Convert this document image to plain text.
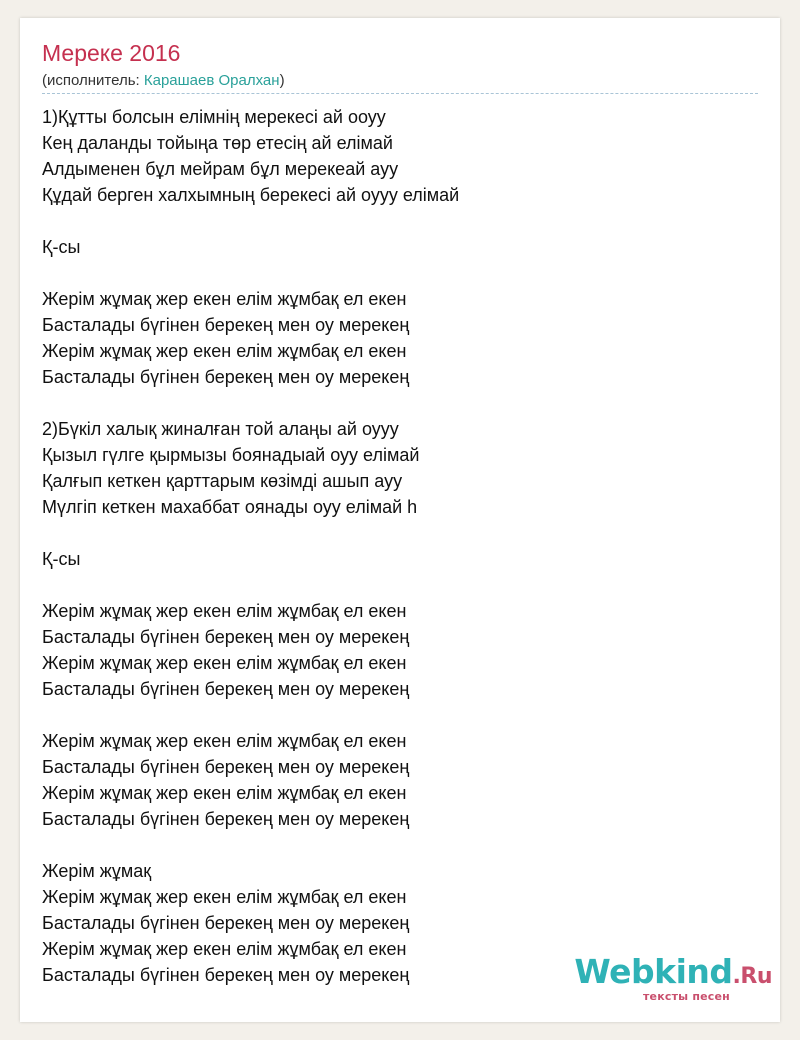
Мереке 2016
(исполнитель: Карашаев Оралхан)
1)Құтты болсын елімнің мерекесі ай ооуу
Кең даланды тойыңа төр етесің ай елімай
Алдыменен бұл мейрам бұл мерекеай ауу
Құдай берген халхымның берекесі ай оууу елімай
Қ-сы
Жерім жұмақ жер екен елім жұмбақ ел екен
Басталады бүгінен берекең мен оу мерекең
Жерім жұмақ жер екен елім жұмбақ ел екен
Басталады бүгінен берекең мен оу мерекең
2)Бүкіл халық жиналған той алаңы ай оууу
Қызыл гүлге қырмызы боянадыай оуу елімай
Қалғып кеткен қарттарым көзімді ашып ауу
Мүлгіп кеткен махаббат оянады оуу елімай һ
Қ-сы
Жерім жұмақ жер екен елім жұмбақ ел екен
Басталады бүгінен берекең мен оу мерекең
Жерім жұмақ жер екен елім жұмбақ ел екен
Басталады бүгінен берекең мен оу мерекең
Жерім жұмақ жер екен елім жұмбақ ел екен
Басталады бүгінен берекең мен оу мерекең
Жерім жұмақ жер екен елім жұмбақ ел екен
Басталады бүгінен берекең мен оу мерекең
Жерім жұмақ
Жерім жұмақ жер екен елім жұмбақ ел екен
Басталады бүгінен берекең мен оу мерекең
Жерім жұмақ жер екен елім жұмбақ ел екен
Басталады бүгінен берекең мен оу мерекең	Webkind.Ru
тексты песен
